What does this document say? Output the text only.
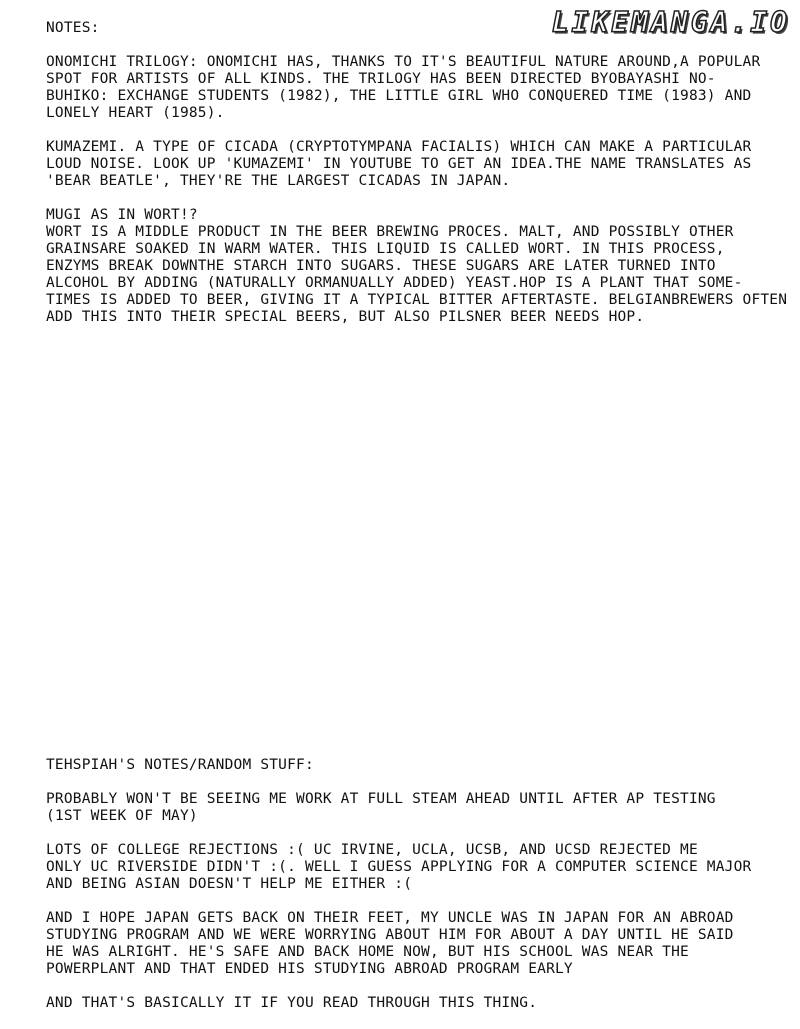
LIKEMANGA.IO
NOTES:
ONOMICHI TRILOGY: ONOMICHI HAS, THANKS TO IT'S BEAUTIFUL NATURE AROUND,A POPULAR
SPOT FOR ARTISTS OF ALL KINDS. THE TRILOGY HAS BEEN DIRECTED BYOBAYASHI NO-
BUHIKO: EXCHANGE STUDENTS (1982), THE LITTLE GIRL WHO CONQUERED TIME (1983) AND
LONELY HEART (1985).
KUMAZEMI. A TYPE OF CICADA (CRYPTOTYMPANA FACIALIS) WHICH CAN MAKE A PARTICULAR
LOUD NOISE. LOOK UP 'KUMAZEMI' IN YOUTUBE TO GET AN IDEA.THE NAME TRANSLATES AS
'BEAR BEATLE', THEY'RE THE LARGEST CICADAS IN JAPAN.
MUGI AS IN WORT!?
WORT IS A MIDDLE PRODUCT IN THE BEER BREWING PROCES. MALT, AND POSSIBLY OTHER
GRAINSARE SOAKED IN WARM WATER. THIS LIQUID IS CALLED WORT. IN THIS PROCESS,
ENZYMS BREAK DOWNTHE STARCH INTO SUGARS. THESE SUGARS ARE LATER TURNED INTO
ALCOHOL BY ADDING (NATURALLY ORMANUALLY ADDED) YEAST.HOP IS A PLANT THAT SOME-
TIMES IS ADDED TO BEER, GIVING IT A TYPICAL BITTER AFTERTASTE. BELGIANBREWERS OFTEN
ADD THIS INTO THEIR SPECIAL BEERS, BUT ALSO PILSNER BEER NEEDS HOP.
TEHSPIAH'S NOTES/RANDOM STUFF:
PROBABLY WON'T BE SEEING ME WORK AT FULL STEAM AHEAD UNTIL AFTER AP TESTING
(1ST WEEK OF MAY)
LOTS OF COLLEGE REJECTIONS :( UC IRVINE, UCLA, UCSB, AND UCSD REJECTED ME
ONLY UC RIVERSIDE DIDN'T :(. WELL I GUESS APPLYING FOR A COMPUTER SCIENCE MAJOR
AND BEING ASIAN DOESN'T HELP ME EITHER :(
AND I HOPE JAPAN GETS BACK ON THEIR FEET, MY UNCLE WAS IN JAPAN FOR AN ABROAD
STUDYING PROGRAM AND WE WERE WORRYING ABOUT HIM FOR ABOUT A DAY UNTIL HE SAID
HE WAS ALRIGHT. HE'S SAFE AND BACK HOME NOW, BUT HIS SCHOOL WAS NEAR THE
POWERPLANT AND THAT ENDED HIS STUDYING ABROAD PROGRAM EARLY
AND THAT'S BASICALLY IT IF YOU READ THROUGH THIS THING.
